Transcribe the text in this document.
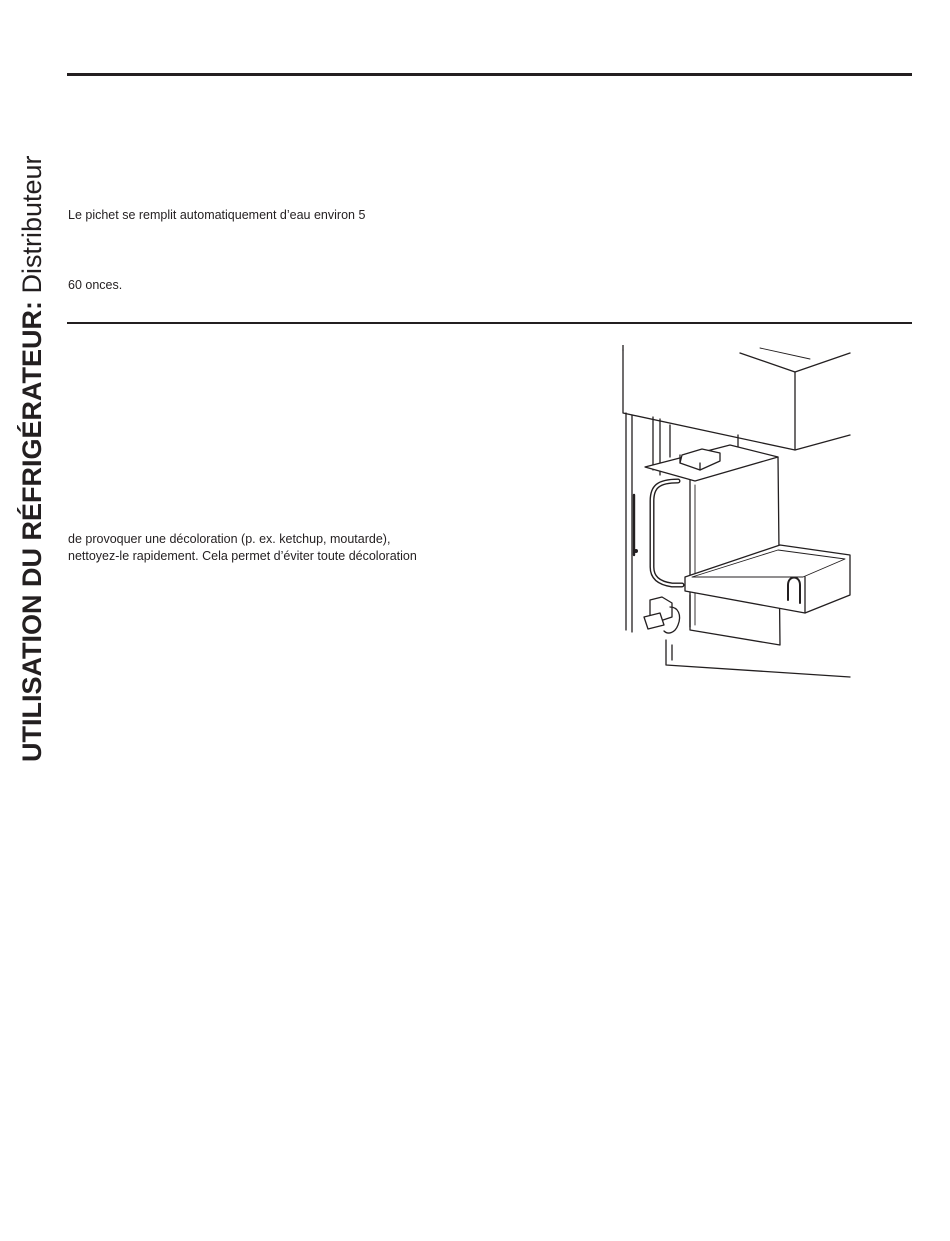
UTILISATION DU RÉFRIGÉRATEUR: Distributeur Le pichet se remplit automatiquement d’eau environ 5

60 onces.

de provoquer une décoloration (p. ex. ketchup, moutarde),
nettoyez-le rapidement. Cela permet d’éviter toute décoloration
